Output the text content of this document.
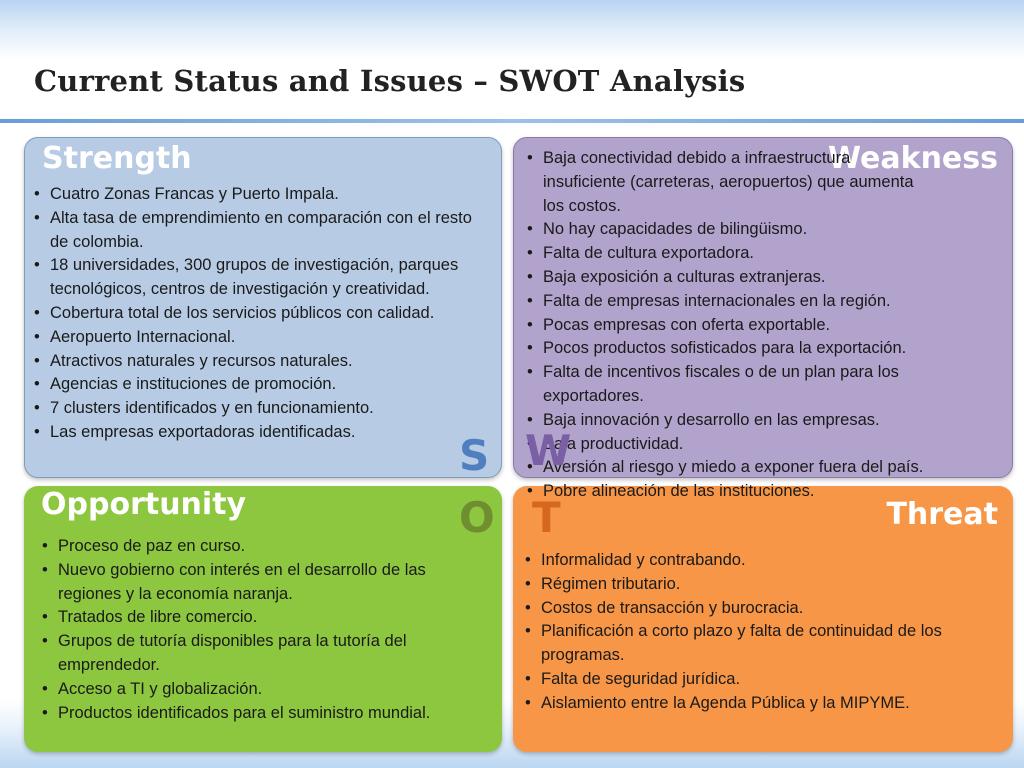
Current Status and Issues – SWOT Analysis
Strength	Weakness
Opportunity	Threat
• Cuatro Zonas Francas y Puerto Impala.
• Alta tasa de emprendimiento en comparación con el resto de colombia.
• 18 universidades, 300 grupos de investigación, parques tecnológicos, centros de investigación y creatividad.
• Cobertura total de los servicios públicos con calidad.
• Aeropuerto Internacional.
• Atractivos naturales y recursos naturales.
• Agencias e instituciones de promoción.
• 7 clusters identificados y en funcionamiento.
• Las empresas exportadoras identificadas.
• Baja conectividad debido a infraestructura insuficiente (carreteras, aeropuertos) que aumenta los costos.
• No hay capacidades de bilingüismo.
• Falta de cultura exportadora.
• Baja exposición a culturas extranjeras.
• Falta de empresas internacionales en la región.
• Pocas empresas con oferta exportable.
• Pocos productos sofisticados para la exportación.
• Falta de incentivos fiscales o de un plan para los exportadores.
• Baja innovación y desarrollo en las empresas.
• Baja productividad.
• Aversión al riesgo y miedo a exponer fuera del país.
• Pobre alineación de las instituciones.
• Proceso de paz en curso.
• Nuevo gobierno con interés en el desarrollo de las regiones y la economía naranja.
• Tratados de libre comercio.
• Grupos de tutoría disponibles para la tutoría del emprendedor.
• Acceso a TI y globalización.
• Productos identificados para el suministro mundial.
• Informalidad y contrabando.
• Régimen tributario.
• Costos de transacción y burocracia.
• Planificación a corto plazo y falta de continuidad de los programas.
• Falta de seguridad jurídica.
• Aislamiento entre la Agenda Pública y la MIPYME.
S W
O T
